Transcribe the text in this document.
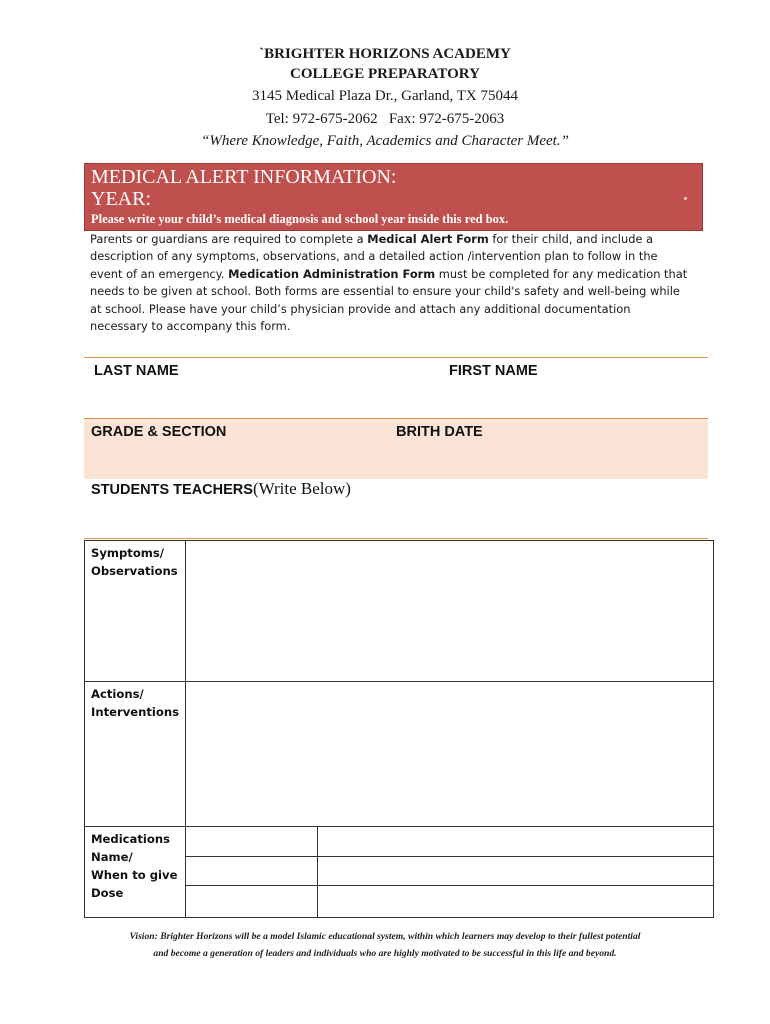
`BRIGHTER HORIZONS ACADEMY
COLLEGE PREPARATORY
3145 Medical Plaza Dr., Garland, TX 75044
Tel: 972-675-2062   Fax: 972-675-2063
“Where Knowledge, Faith, Academics and Character Meet.”
MEDICAL ALERT INFORMATION:
YEAR:
Please write your child’s medical diagnosis and school year inside this red box.
Parents or guardians are required to complete a Medical Alert Form for their child, and include a description of any symptoms, observations, and a detailed action /intervention plan to follow in the event of an emergency. Medication Administration Form must be completed for any medication that needs to be given at school. Both forms are essential to ensure your child's safety and well-being while at school. Please have your child’s physician provide and attach any additional documentation necessary to accompany this form.
LAST NAME	FIRST NAME
GRADE & SECTION	BRITH DATE
STUDENTS TEACHERS(Write Below)
Symptoms/
Observations		

Actions/
Interventions		

Medications
Name/
When to give
Dose		

Vision: Brighter Horizons will be a model Islamic educational system, within which learners may develop to their fullest potential
and become a generation of leaders and individuals who are highly motivated to be successful in this life and beyond.
